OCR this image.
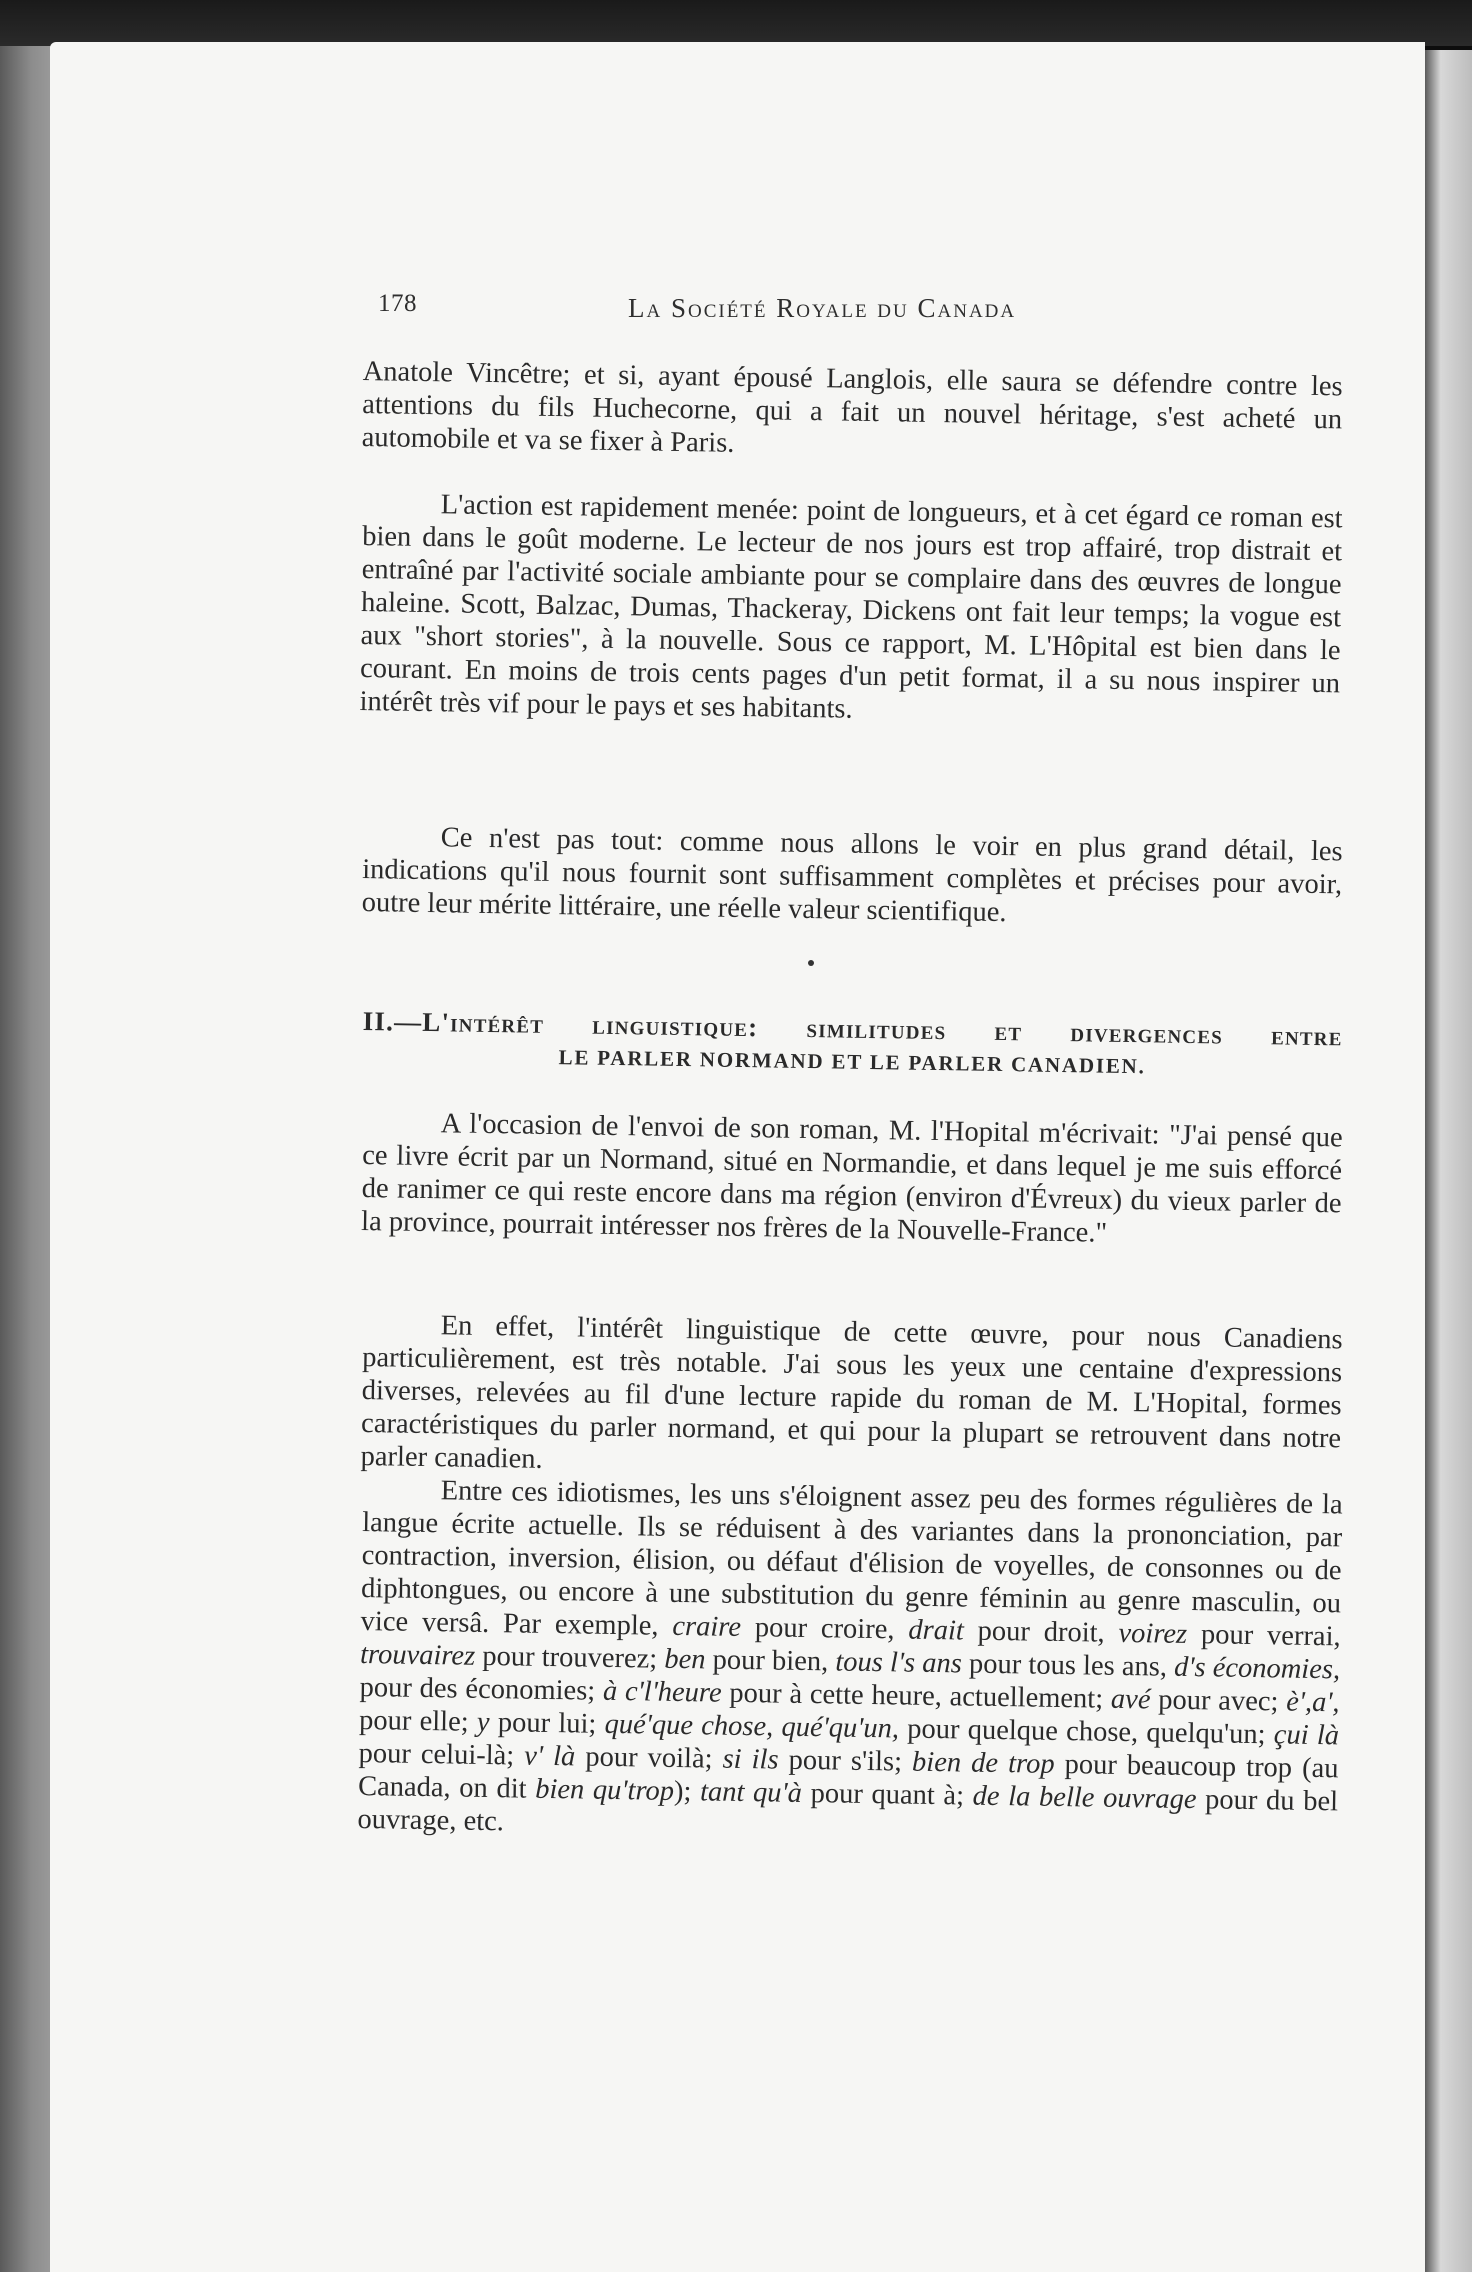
178	La Société Royale du Canada

Anatole Vincêtre; et si, ayant épousé Langlois, elle saura se défendre contre les attentions du fils Huchecorne, qui a fait un nouvel héritage, s'est acheté un automobile et va se fixer à Paris.

L'action est rapidement menée: point de longueurs, et à cet égard ce roman est bien dans le goût moderne. Le lecteur de nos jours est trop affairé, trop distrait et entraîné par l'activité sociale ambiante pour se complaire dans des œuvres de longue haleine. Scott, Balzac, Dumas, Thackeray, Dickens ont fait leur temps; la vogue est aux "short stories", à la nouvelle. Sous ce rapport, M. L'Hôpital est bien dans le courant. En moins de trois cents pages d'un petit format, il a su nous inspirer un intérêt très vif pour le pays et ses habitants.

Ce n'est pas tout: comme nous allons le voir en plus grand détail, les indications qu'il nous fournit sont suffisamment complètes et précises pour avoir, outre leur mérite littéraire, une réelle valeur scientifique.

II.—L'intérêt linguistique: similitudes et divergences entre
LE PARLER NORMAND ET LE PARLER CANADIEN.

A l'occasion de l'envoi de son roman, M. l'Hopital m'écrivait: "J'ai pensé que ce livre écrit par un Normand, situé en Normandie, et dans lequel je me suis efforcé de ranimer ce qui reste encore dans ma région (environ d'Évreux) du vieux parler de la province, pourrait intéresser nos frères de la Nouvelle-France."

En effet, l'intérêt linguistique de cette œuvre, pour nous Canadiens particulièrement, est très notable. J'ai sous les yeux une centaine d'expressions diverses, relevées au fil d'une lecture rapide du roman de M. L'Hopital, formes caractéristiques du parler normand, et qui pour la plupart se retrouvent dans notre parler canadien.

Entre ces idiotismes, les uns s'éloignent assez peu des formes régulières de la langue écrite actuelle. Ils se réduisent à des variantes dans la prononciation, par contraction, inversion, élision, ou défaut d'élision de voyelles, de consonnes ou de diphtongues, ou encore à une substitution du genre féminin au genre masculin, ou vice versâ. Par exemple, craire pour croire, drait pour droit, voirez pour verrai, trouvairez pour trouverez; ben pour bien, tous l's ans pour tous les ans, d's économies, pour des économies; à c'l'heure pour à cette heure, actuellement; avé pour avec; è',a', pour elle; y pour lui; qué'que chose, qué'qu'un, pour quelque chose, quelqu'un; çui là pour celui-là; v' là pour voilà; si ils pour s'ils; bien de trop pour beaucoup trop (au Canada, on dit bien qu'trop); tant qu'à pour quant à; de la belle ouvrage pour du bel ouvrage, etc.
